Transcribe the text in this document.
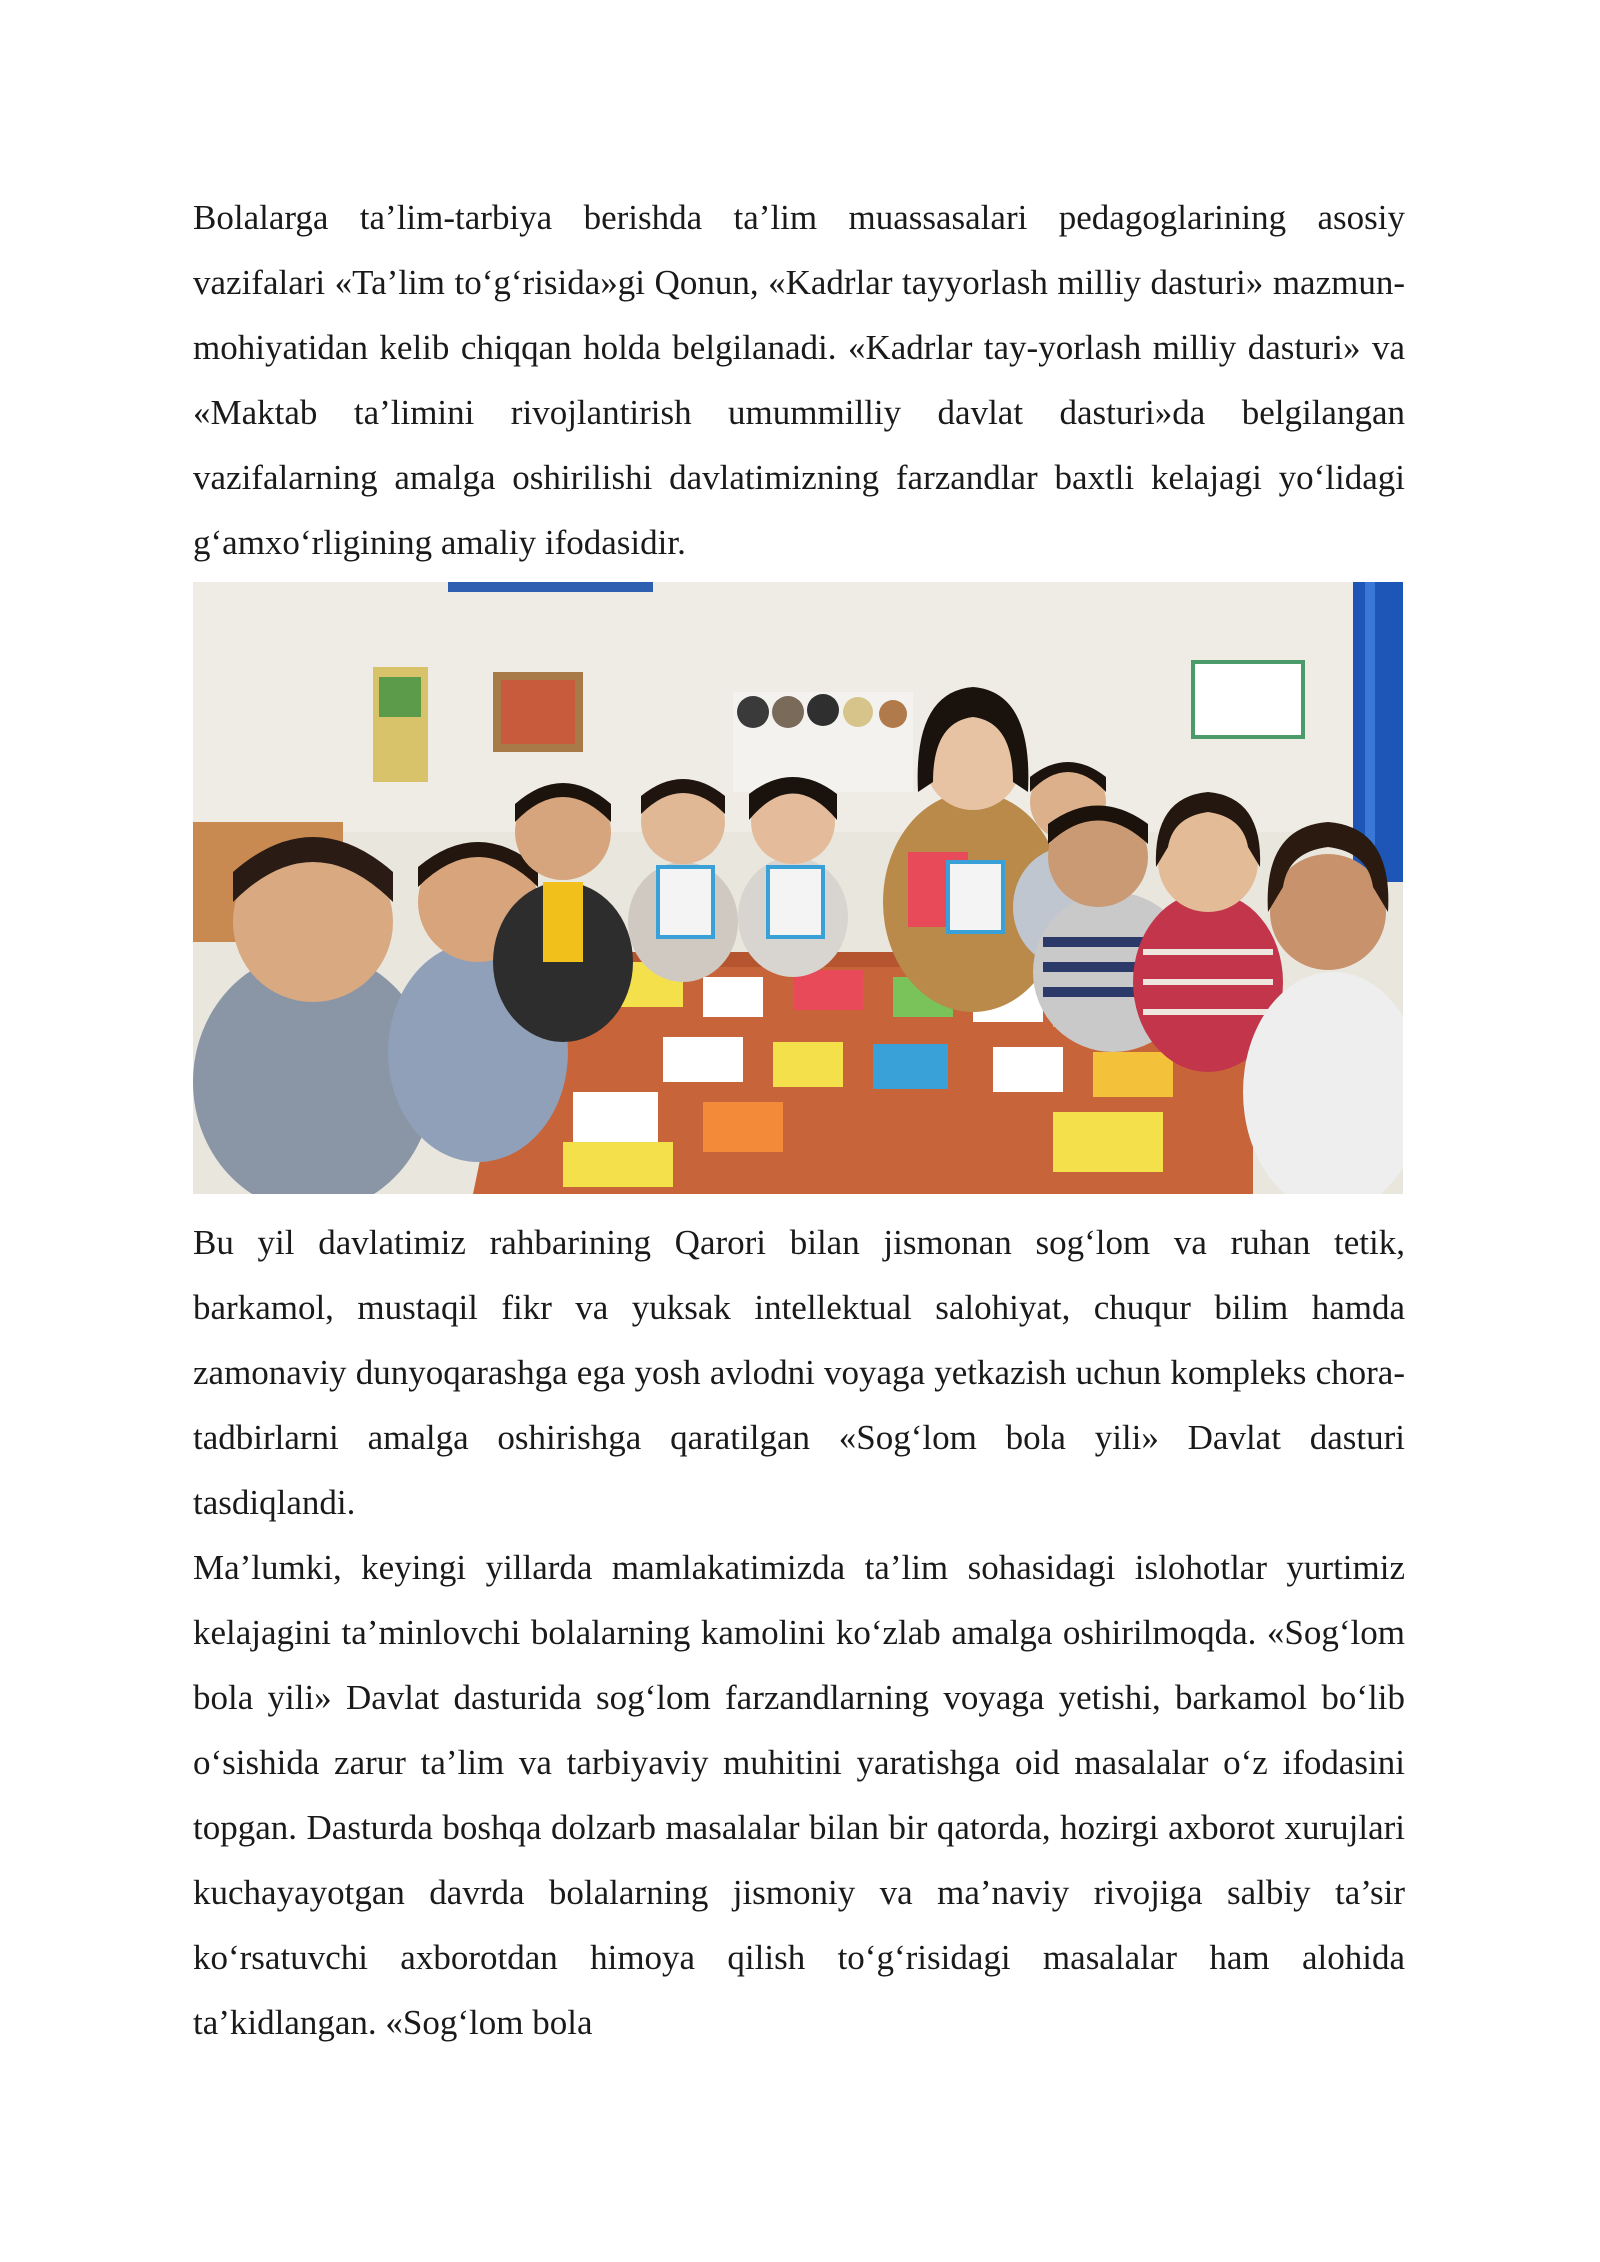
Bolalarga ta’lim-tarbiya berishda ta’lim muassasalari pedagoglarining asosiy vazifalari «Ta’lim to‘g‘risida»gi Qonun, «Kadrlar tayyorlash milliy dasturi» mazmun-mohiyatidan kelib chiqqan holda belgilanadi. «Kadrlar tay-yorlash milliy dasturi» va «Maktab ta’limini rivojlantirish umummilliy davlat dasturi»da belgilangan vazifalarning amalga oshirilishi davlatimizning farzandlar baxtli kelajagi yo‘lidagi g‘amxo‘rligining amaliy ifodasidir.

Bu yil davlatimiz rahbarining Qarori bilan jismonan sog‘lom va ruhan tetik, barkamol, mustaqil fikr va yuksak intellektual salohiyat, chuqur bilim hamda zamonaviy dunyoqarashga ega yosh avlodni voyaga yetkazish uchun kompleks chora-tadbirlarni amalga oshirishga qaratilgan «Sog‘lom bola yili» Davlat dasturi tasdiqlandi.

Ma’lumki, keyingi yillarda mamlakatimizda ta’lim sohasidagi islohotlar yurtimiz kelajagini ta’minlovchi bolalarning kamolini ko‘zlab amalga oshirilmoqda. «Sog‘lom bola yili» Davlat dasturida sog‘lom farzandlarning voyaga yetishi, barkamol bo‘lib o‘sishida zarur ta’lim va tarbiyaviy muhitini yaratishga oid masalalar o‘z ifodasini topgan. Dasturda boshqa dolzarb masalalar bilan bir qatorda, hozirgi axborot xurujlari kuchayayotgan davrda bolalarning jismoniy va ma’naviy rivojiga salbiy ta’sir ko‘rsatuvchi axborotdan himoya qilish to‘g‘risidagi masalalar ham alohida ta’kidlangan. «Sog‘lom bola
